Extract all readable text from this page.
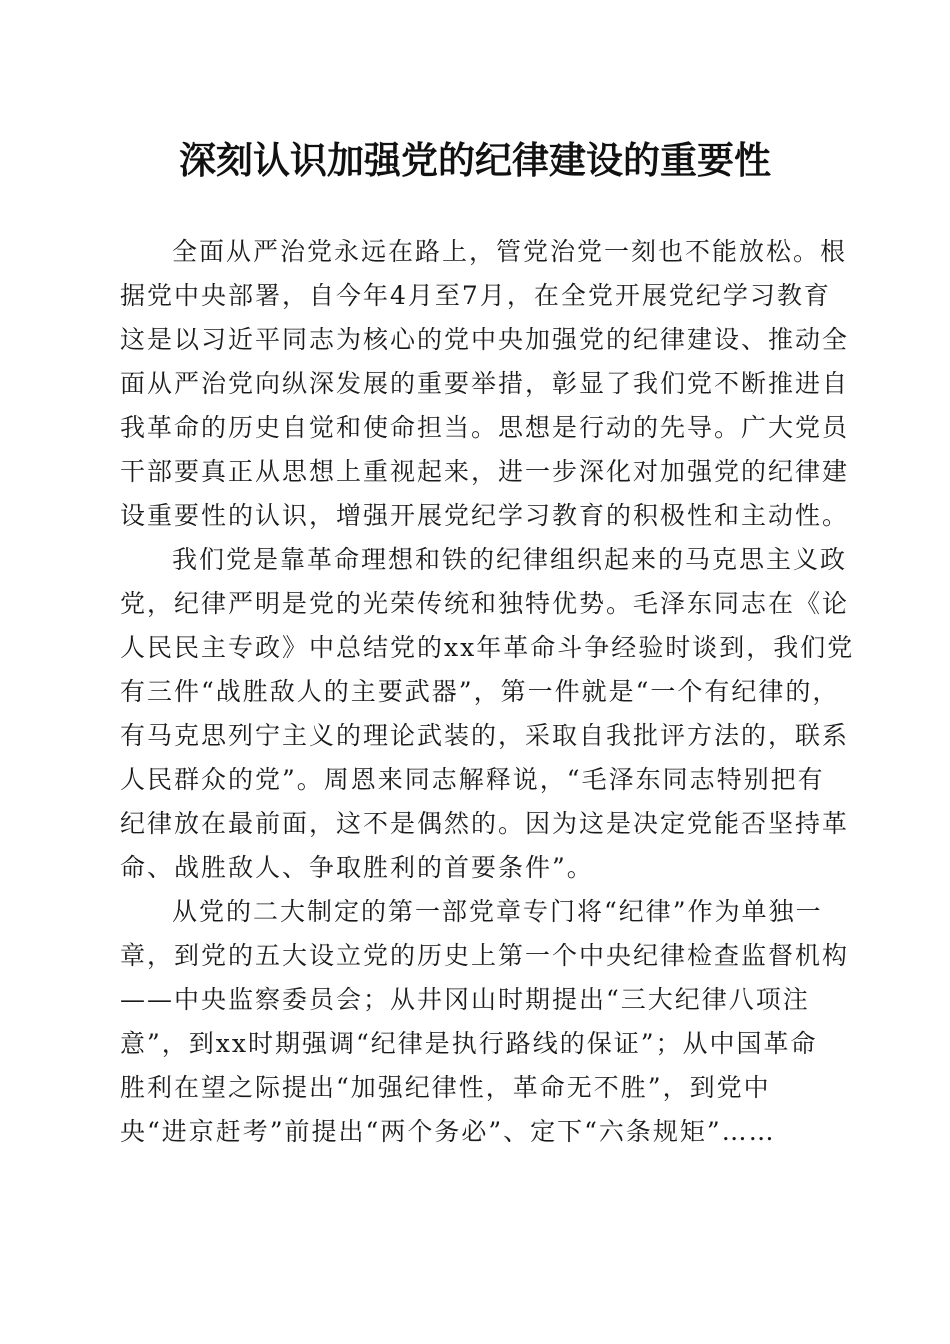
深刻认识加强党的纪律建设的重要性
全面从严治党永远在路上，管党治党一刻也不能放松。根
据党中央部署，自今年4月至7月，在全党开展党纪学习教育
这是以习近平同志为核心的党中央加强党的纪律建设、推动全
面从严治党向纵深发展的重要举措，彰显了我们党不断推进自
我革命的历史自觉和使命担当。思想是行动的先导。广大党员
干部要真正从思想上重视起来，进一步深化对加强党的纪律建
设重要性的认识，增强开展党纪学习教育的积极性和主动性。
我们党是靠革命理想和铁的纪律组织起来的马克思主义政
党，纪律严明是党的光荣传统和独特优势。毛泽东同志在《论
人民民主专政》中总结党的xx年革命斗争经验时谈到，我们党
有三件“战胜敌人的主要武器”，第一件就是“一个有纪律的，
有马克思列宁主义的理论武装的，采取自我批评方法的，联系
人民群众的党”。周恩来同志解释说，“毛泽东同志特别把有
纪律放在最前面，这不是偶然的。因为这是决定党能否坚持革
命、战胜敌人、争取胜利的首要条件”。
从党的二大制定的第一部党章专门将“纪律”作为单独一
章，到党的五大设立党的历史上第一个中央纪律检查监督机构
——中央监察委员会；从井冈山时期提出“三大纪律八项注
意”，到xx时期强调“纪律是执行路线的保证”；从中国革命
胜利在望之际提出“加强纪律性，革命无不胜”，到党中
央“进京赶考”前提出“两个务必”、定下“六条规矩”……
